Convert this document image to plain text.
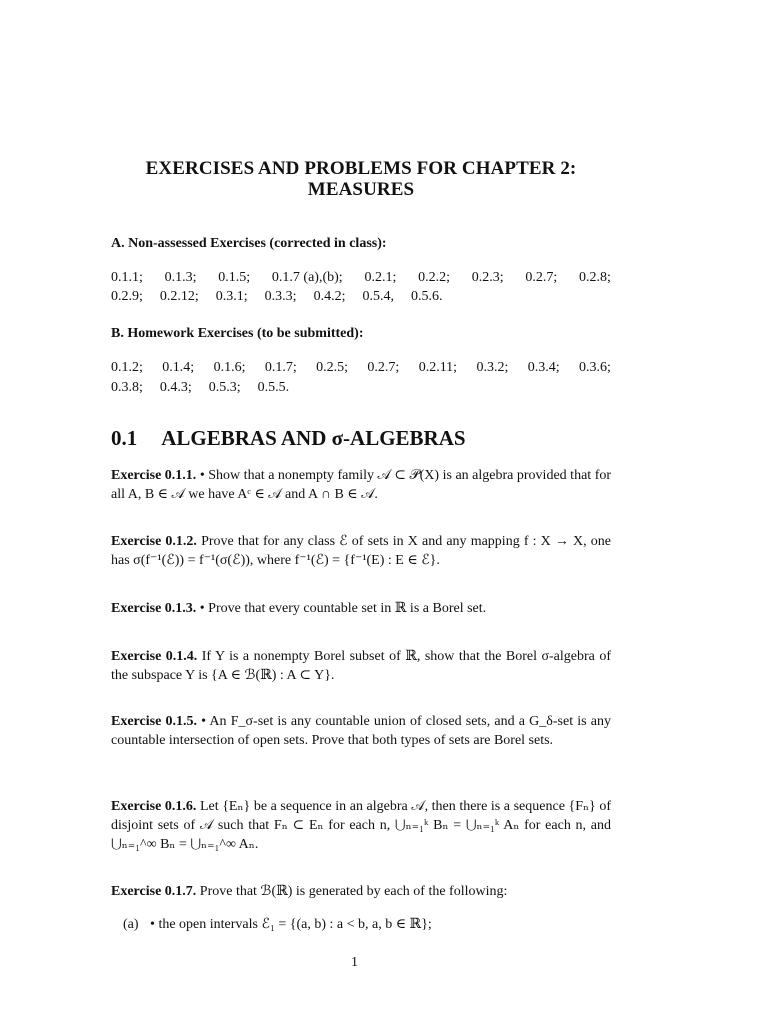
EXERCISES AND PROBLEMS FOR CHAPTER 2:
MEASURES
A. Non-assessed Exercises (corrected in class):
0.1.1; 0.1.3; 0.1.5; 0.1.7 (a),(b); 0.2.1; 0.2.2; 0.2.3; 0.2.7; 0.2.8;
0.2.9; 0.2.12; 0.3.1; 0.3.3; 0.4.2; 0.5.4, 0.5.6.
B. Homework Exercises (to be submitted):
0.1.2; 0.1.4; 0.1.6; 0.1.7; 0.2.5; 0.2.7; 0.2.11; 0.3.2; 0.3.4; 0.3.6;
0.3.8; 0.4.3; 0.5.3; 0.5.5.
0.1 ALGEBRAS AND σ-ALGEBRAS
Exercise 0.1.1. • Show that a nonempty family 𝒜 ⊂ 𝒫(X) is an algebra provided that for all A, B ∈ 𝒜 we have Aᶜ ∈ 𝒜 and A ∩ B ∈ 𝒜.
Exercise 0.1.2. Prove that for any class ℰ of sets in X and any mapping f : X → X, one has σ(f⁻¹(ℰ)) = f⁻¹(σ(ℰ)), where f⁻¹(ℰ) = {f⁻¹(E) : E ∈ ℰ}.
Exercise 0.1.3. • Prove that every countable set in ℝ is a Borel set.
Exercise 0.1.4. If Y is a nonempty Borel subset of ℝ, show that the Borel σ-algebra of the subspace Y is {A ∈ ℬ(ℝ) : A ⊂ Y}.
Exercise 0.1.5. • An F_σ-set is any countable union of closed sets, and a G_δ-set is any countable intersection of open sets. Prove that both types of sets are Borel sets.
Exercise 0.1.6. Let {Eₙ} be a sequence in an algebra 𝒜, then there is a sequence {Fₙ} of disjoint sets of 𝒜 such that Fₙ ⊂ Eₙ for each n, ⋃ₙ₌₁ᵏ Bₙ = ⋃ₙ₌₁ᵏ Aₙ for each n, and ⋃ₙ₌₁^∞ Bₙ = ⋃ₙ₌₁^∞ Aₙ.
Exercise 0.1.7. Prove that ℬ(ℝ) is generated by each of the following:
(a) • the open intervals ℰ₁ = {(a, b) : a < b, a, b ∈ ℝ};
1
